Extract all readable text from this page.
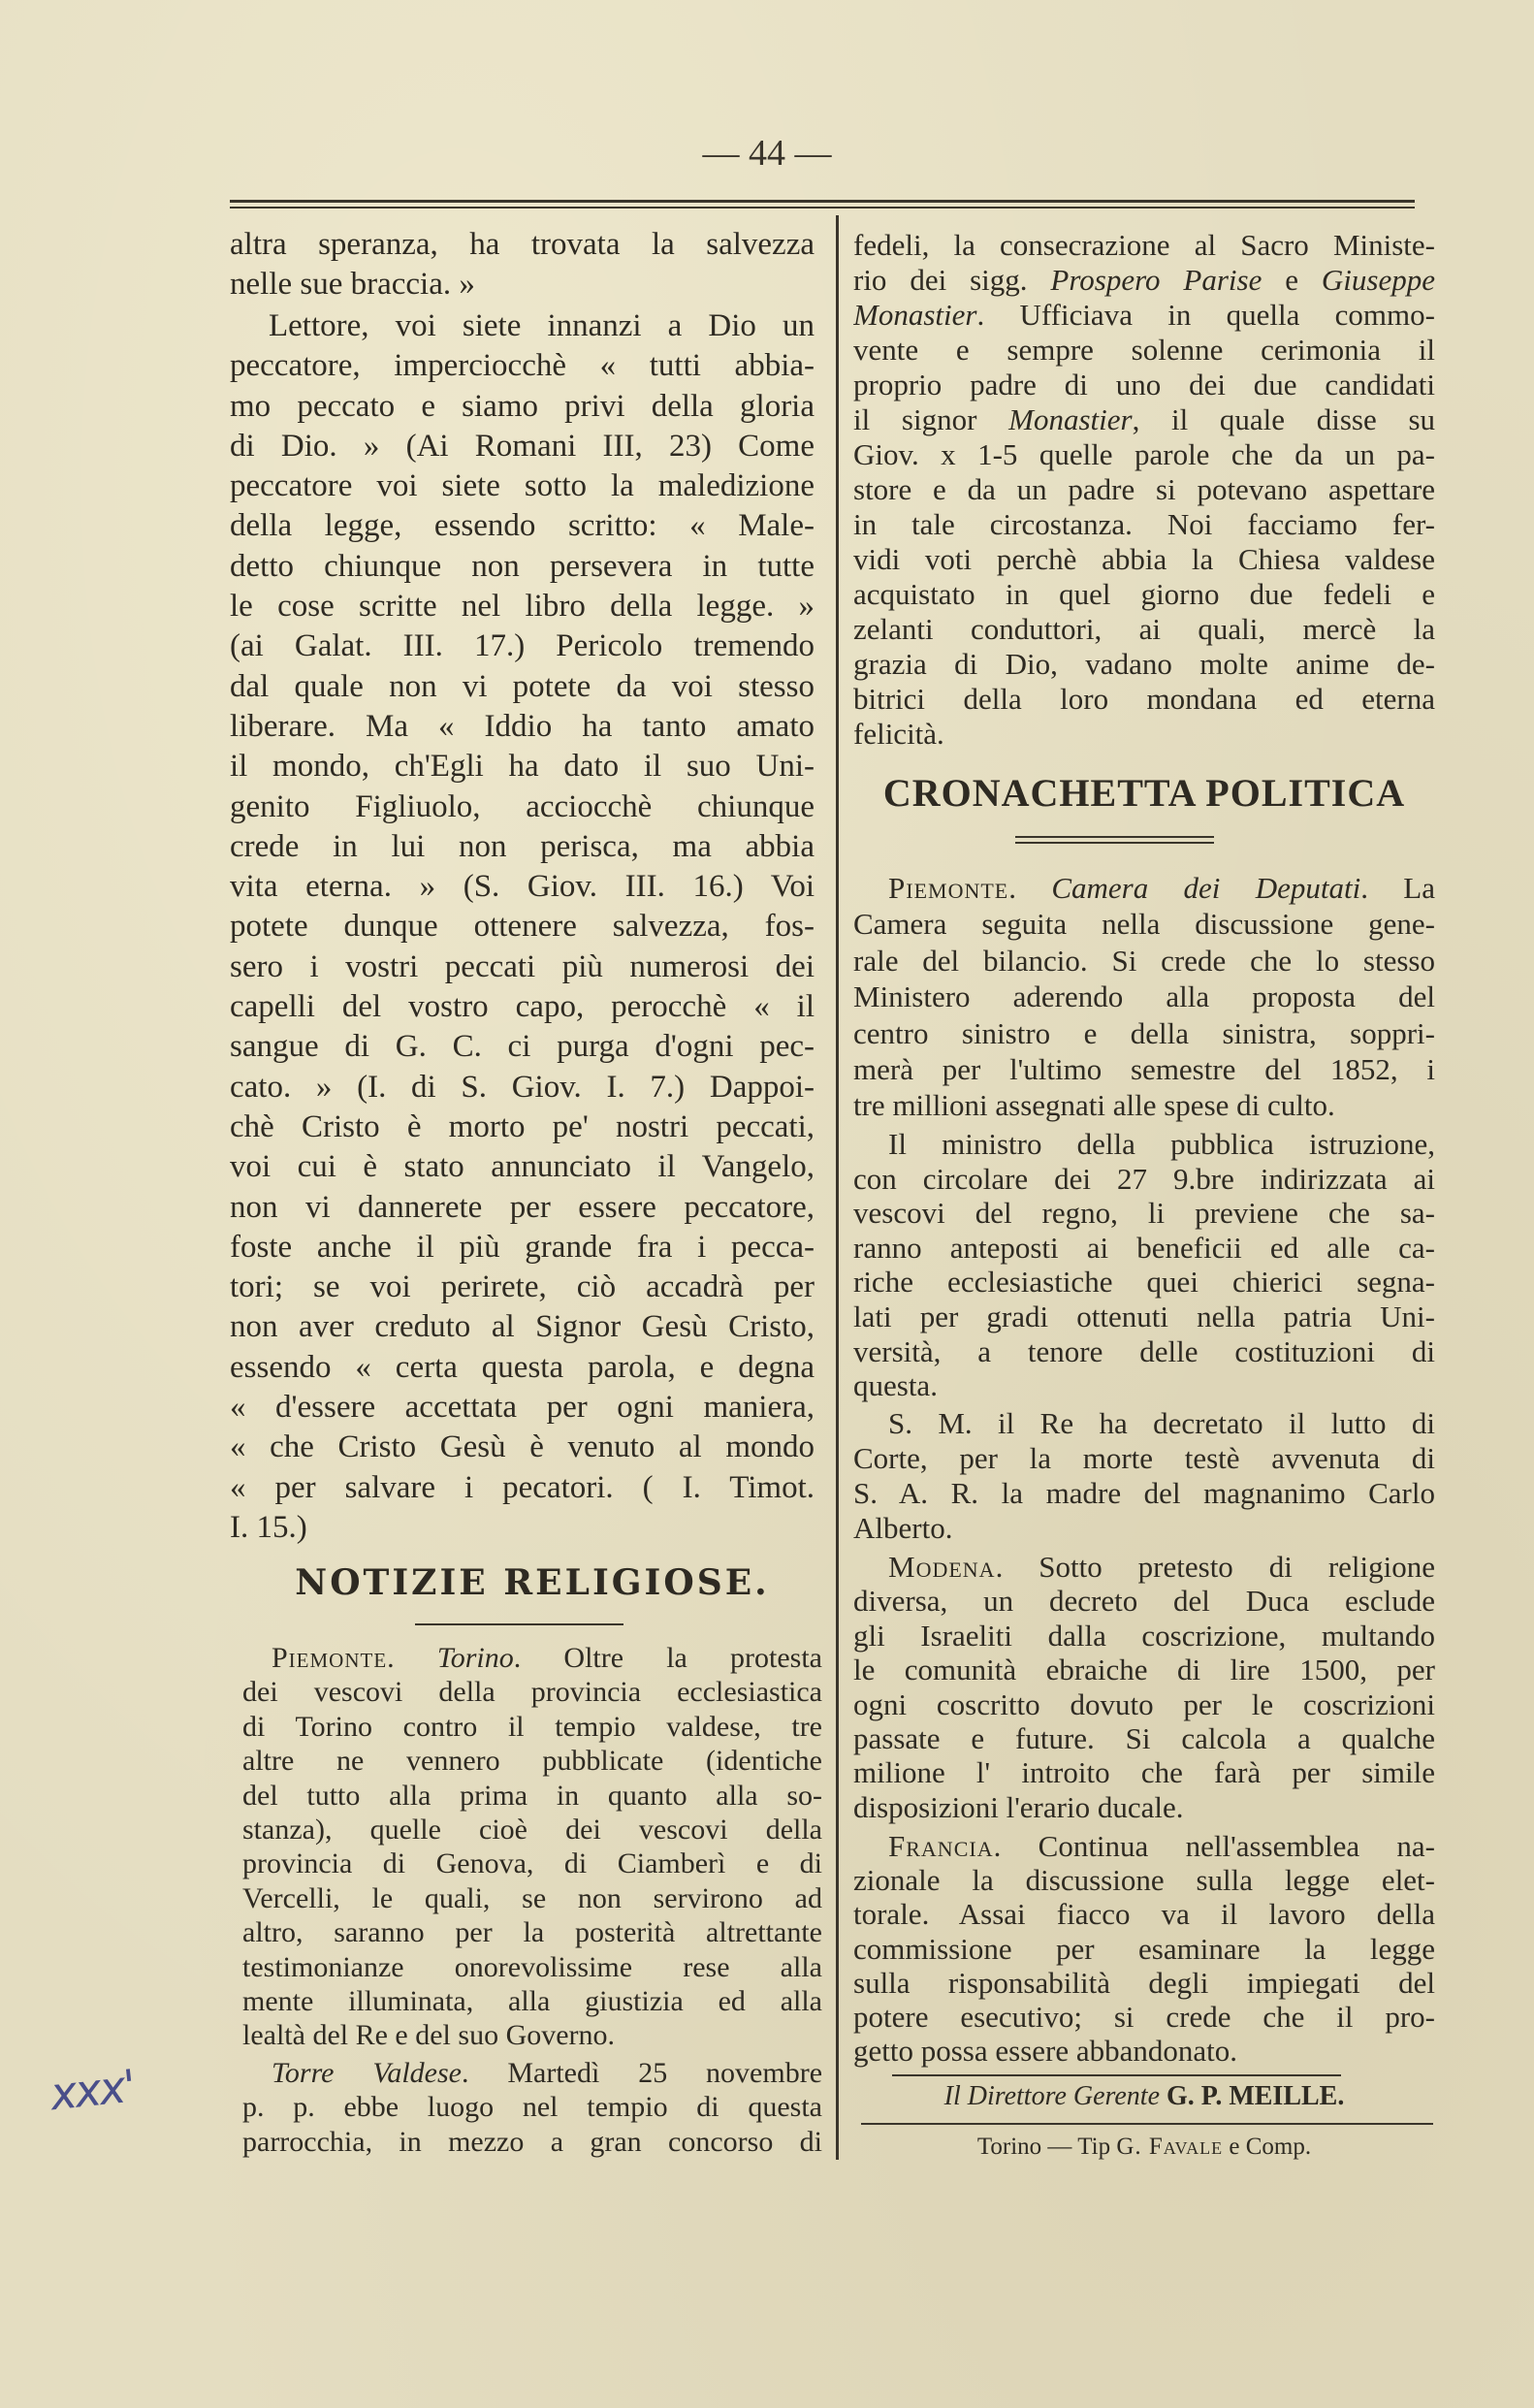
— 44 —
NOTIZIE RELIGIOSE.
CRONACHETTA POLITICA
altra speranza, ha trovata la salvezza
nelle sue braccia. »
Lettore, voi siete innanzi a Dio un
peccatore, imperciocchè « tutti abbia-
mo peccato e siamo privi della gloria
di Dio. » (Ai Romani III, 23) Come
peccatore voi siete sotto la maledizione
della legge, essendo scritto: « Male-
detto chiunque non persevera in tutte
le cose scritte nel libro della legge. »
(ai Galat. III. 17.) Pericolo tremendo
dal quale non vi potete da voi stesso
liberare. Ma « Iddio ha tanto amato
il mondo, ch'Egli ha dato il suo Uni-
genito Figliuolo, acciocchè chiunque
crede in lui non perisca, ma abbia
vita eterna. » (S. Giov. III. 16.) Voi
potete dunque ottenere salvezza, fos-
sero i vostri peccati più numerosi dei
capelli del vostro capo, perocchè « il
sangue di G. C. ci purga d'ogni pec-
cato. » (I. di S. Giov. I. 7.) Dappoi-
chè Cristo è morto pe' nostri peccati,
voi cui è stato annunciato il Vangelo,
non vi dannerete per essere peccatore,
foste anche il più grande fra i pecca-
tori; se voi perirete, ciò accadrà per
non aver creduto al Signor Gesù Cristo,
essendo « certa questa parola, e degna
« d'essere accettata per ogni maniera,
« che Cristo Gesù è venuto al mondo
« per salvare i pecatori. ( I. Timot.
I. 15.)
Piemonte. Torino. Oltre la protesta
dei vescovi della provincia ecclesiastica
di Torino contro il tempio valdese, tre
altre ne vennero pubblicate (identiche
del tutto alla prima in quanto alla so-
stanza), quelle cioè dei vescovi della
provincia di Genova, di Ciamberì e di
Vercelli, le quali, se non servirono ad
altro, saranno per la posterità altrettante
testimonianze onorevolissime rese alla
mente illuminata, alla giustizia ed alla
lealtà del Re e del suo Governo.
Torre Valdese. Martedì 25 novembre
p. p. ebbe luogo nel tempio di questa
parrocchia, in mezzo a gran concorso di
Piemonte. Camera dei Deputati. La
Camera seguita nella discussione gene-
rale del bilancio. Si crede che lo stesso
Ministero aderendo alla proposta del
centro sinistro e della sinistra, soppri-
merà per l'ultimo semestre del 1852, i
tre millioni assegnati alle spese di culto.
Il ministro della pubblica istruzione,
con circolare dei 27 9.bre indirizzata ai
vescovi del regno, li previene che sa-
ranno anteposti ai beneficii ed alle ca-
riche ecclesiastiche quei chierici segna-
lati per gradi ottenuti nella patria Uni-
versità, a tenore delle costituzioni di
questa.
S. M. il Re ha decretato il lutto di
Corte, per la morte testè avvenuta di
S. A. R. la madre del magnanimo Carlo
Alberto.
Modena. Sotto pretesto di religione
diversa, un decreto del Duca esclude
gli Israeliti dalla coscrizione, multando
le comunità ebraiche di lire 1500, per
ogni coscritto dovuto per le coscrizioni
passate e future. Si calcola a qualche
milione l' introito che farà per simile
disposizioni l'erario ducale.
Francia. Continua nell'assemblea na-
zionale la discussione sulla legge elet-
torale. Assai fiacco va il lavoro della
commissione per esaminare la legge
sulla risponsabilità degli impiegati del
potere esecutivo; si crede che il pro-
getto possa essere abbandonato.
fedeli, la consecrazione al Sacro Ministe-
rio dei sigg. Prospero Parise e Giuseppe
Monastier. Ufficiava in quella commo-
vente e sempre solenne cerimonia il
proprio padre di uno dei due candidati
il signor Monastier, il quale disse su
Giov. x 1-5 quelle parole che da un pa-
store e da un padre si potevano aspettare
in tale circostanza. Noi facciamo fer-
vidi voti perchè abbia la Chiesa valdese
acquistato in quel giorno due fedeli e
zelanti conduttori, ai quali, mercè la
grazia di Dio, vadano molte anime de-
bitrici della loro mondana ed eterna
felicità.
Il Direttore Gerente G. P. MEILLE.
Torino — Tip G. Favale e Comp.
xxx'
